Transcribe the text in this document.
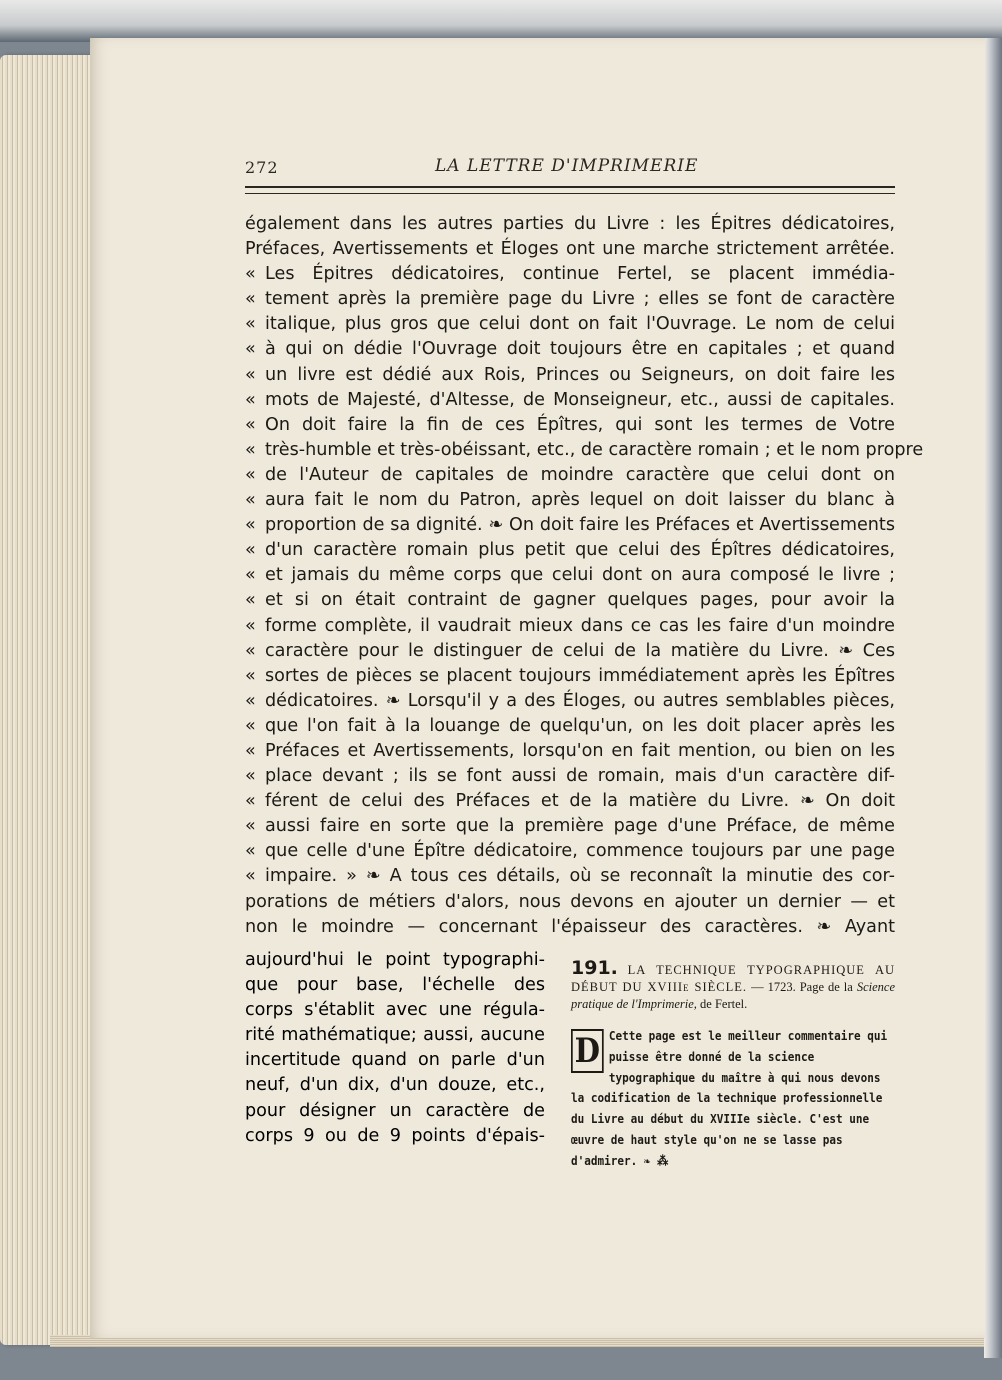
272	LA LETTRE D'IMPRIMERIE
également dans les autres parties du Livre : les Épitres dédicatoires,
Préfaces, Avertissements et Éloges ont une marche strictement arrêtée.
« Les Épitres dédicatoires, continue Fertel, se placent immédia-
« tement après la première page du Livre ; elles se font de caractère
« italique, plus gros que celui dont on fait l'Ouvrage. Le nom de celui
« à qui on dédie l'Ouvrage doit toujours être en capitales ; et quand
« un livre est dédié aux Rois, Princes ou Seigneurs, on doit faire les
« mots de Majesté, d'Altesse, de Monseigneur, etc., aussi de capitales.
« On doit faire la fin de ces Épîtres, qui sont les termes de Votre
« très-humble et très-obéissant, etc., de caractère romain ; et le nom propre
« de l'Auteur de capitales de moindre caractère que celui dont on
« aura fait le nom du Patron, après lequel on doit laisser du blanc à
« proportion de sa dignité. ❧ On doit faire les Préfaces et Avertissements
« d'un caractère romain plus petit que celui des Épîtres dédicatoires,
« et jamais du même corps que celui dont on aura composé le livre ;
« et si on était contraint de gagner quelques pages, pour avoir la
« forme complète, il vaudrait mieux dans ce cas les faire d'un moindre
« caractère pour le distinguer de celui de la matière du Livre. ❧ Ces
« sortes de pièces se placent toujours immédiatement après les Épîtres
« dédicatoires. ❧ Lorsqu'il y a des Éloges, ou autres semblables pièces,
« que l'on fait à la louange de quelqu'un, on les doit placer après les
« Préfaces et Avertissements, lorsqu'on en fait mention, ou bien on les
« place devant ; ils se font aussi de romain, mais d'un caractère dif-
« férent de celui des Préfaces et de la matière du Livre. ❧ On doit
« aussi faire en sorte que la première page d'une Préface, de même
« que celle d'une Épître dédicatoire, commence toujours par une page
« impaire. » ❧ A tous ces détails, où se reconnaît la minutie des cor-
porations de métiers d'alors, nous devons en ajouter un dernier — et
non le moindre — concernant l'épaisseur des caractères. ❧ Ayant
aujourd'hui le point typographi-
que pour base, l'échelle des
corps s'établit avec une régula-
rité mathématique; aussi, aucune
incertitude quand on parle d'un
neuf, d'un dix, d'un douze, etc.,
pour désigner un caractère de
corps 9 ou de 9 points d'épais-
191. LA TECHNIQUE TYPOGRAPHIQUE AU DÉBUT DU XVIIIe SIÈCLE. — 1723. Page de la Science pratique de l'Imprimerie, de Fertel.
D Cette page est le meilleur commentaire qui puisse être donné de la science typographique du maître à qui nous devons la codification de la technique professionnelle du Livre au début du XVIIIe siècle. C'est une œuvre de haut style qu'on ne se lasse pas d'admirer. ❧ ⁂
